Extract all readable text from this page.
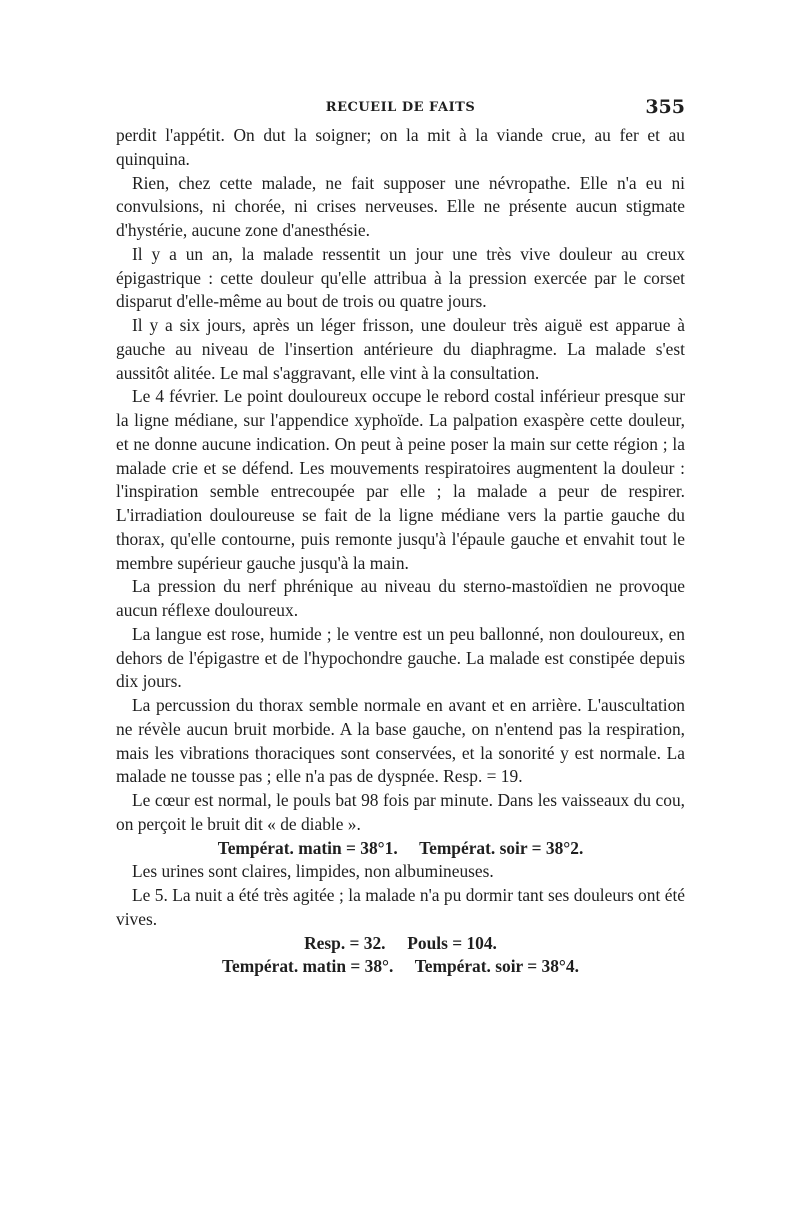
RECUEIL DE FAITS	355

perdit l'appétit. On dut la soigner; on la mit à la viande crue, au fer et au quinquina.

Rien, chez cette malade, ne fait supposer une névropathe. Elle n'a eu ni convulsions, ni chorée, ni crises nerveuses. Elle ne présente aucun stigmate d'hystérie, aucune zone d'anesthésie.

Il y a un an, la malade ressentit un jour une très vive douleur au creux épigastrique : cette douleur qu'elle attribua à la pression exercée par le corset disparut d'elle-même au bout de trois ou quatre jours.

Il y a six jours, après un léger frisson, une douleur très aiguë est apparue à gauche au niveau de l'insertion antérieure du diaphragme. La malade s'est aussitôt alitée. Le mal s'aggravant, elle vint à la consultation.

Le 4 février. Le point douloureux occupe le rebord costal inférieur presque sur la ligne médiane, sur l'appendice xyphoïde. La palpation exaspère cette douleur, et ne donne aucune indication. On peut à peine poser la main sur cette région ; la malade crie et se défend. Les mouvements respiratoires augmentent la douleur : l'inspiration semble entrecoupée par elle ; la malade a peur de respirer. L'irradiation douloureuse se fait de la ligne médiane vers la partie gauche du thorax, qu'elle contourne, puis remonte jusqu'à l'épaule gauche et envahit tout le membre supérieur gauche jusqu'à la main.

La pression du nerf phrénique au niveau du sterno-mastoïdien ne provoque aucun réflexe douloureux.

La langue est rose, humide ; le ventre est un peu ballonné, non douloureux, en dehors de l'épigastre et de l'hypochondre gauche. La malade est constipée depuis dix jours.

La percussion du thorax semble normale en avant et en arrière. L'auscultation ne révèle aucun bruit morbide. A la base gauche, on n'entend pas la respiration, mais les vibrations thoraciques sont conservées, et la sonorité y est normale. La malade ne tousse pas ; elle n'a pas de dyspnée. Resp. = 19.

Le cœur est normal, le pouls bat 98 fois par minute. Dans les vaisseaux du cou, on perçoit le bruit dit « de diable ».

Températ. matin = 38°1.     Températ. soir = 38°2.

Les urines sont claires, limpides, non albumineuses.

Le 5. La nuit a été très agitée ; la malade n'a pu dormir tant ses douleurs ont été vives.

Resp. = 32.     Pouls = 104.

Températ. matin = 38°.     Températ. soir = 38°4.
